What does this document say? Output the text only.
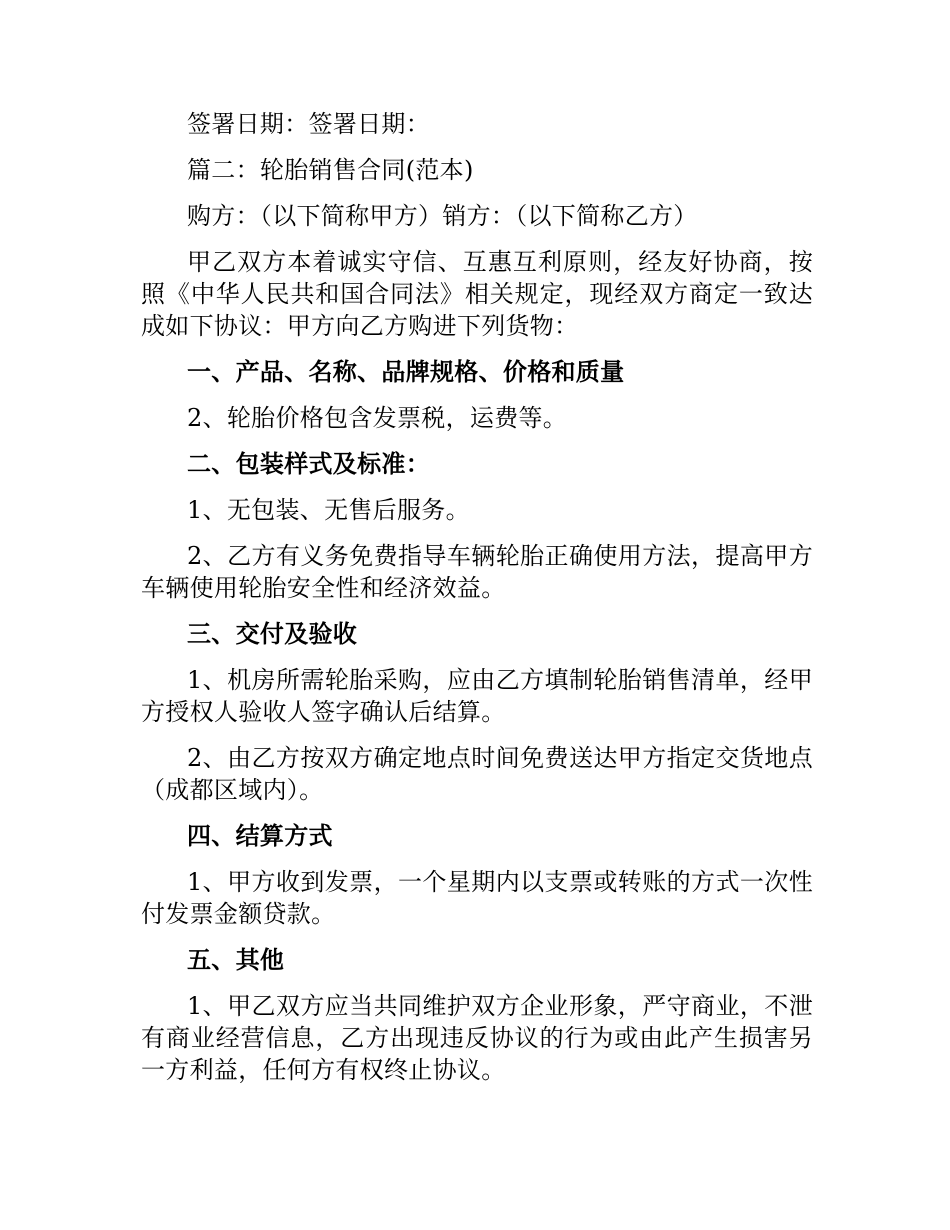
签署日期：签署日期：

篇二：轮胎销售合同(范本)

购方：（以下简称甲方）销方：（以下简称乙方）

甲乙双方本着诚实守信、互惠互利原则，经友好协商，按照《中华人民共和国合同法》相关规定，现经双方商定一致达成如下协议：甲方向乙方购进下列货物：

一、产品、名称、品牌规格、价格和质量

2、轮胎价格包含发票税，运费等。

二、包装样式及标准：

1、无包装、无售后服务。

2、乙方有义务免费指导车辆轮胎正确使用方法，提高甲方车辆使用轮胎安全性和经济效益。

三、交付及验收

1、机房所需轮胎采购，应由乙方填制轮胎销售清单，经甲方授权人验收人签字确认后结算。

2、由乙方按双方确定地点时间免费送达甲方指定交货地点（成都区域内）。

四、结算方式

1、甲方收到发票，一个星期内以支票或转账的方式一次性付发票金额贷款。

五、其他

1、甲乙双方应当共同维护双方企业形象，严守商业，不泄有商业经营信息，乙方出现违反协议的行为或由此产生损害另一方利益，任何方有权终止协议。
